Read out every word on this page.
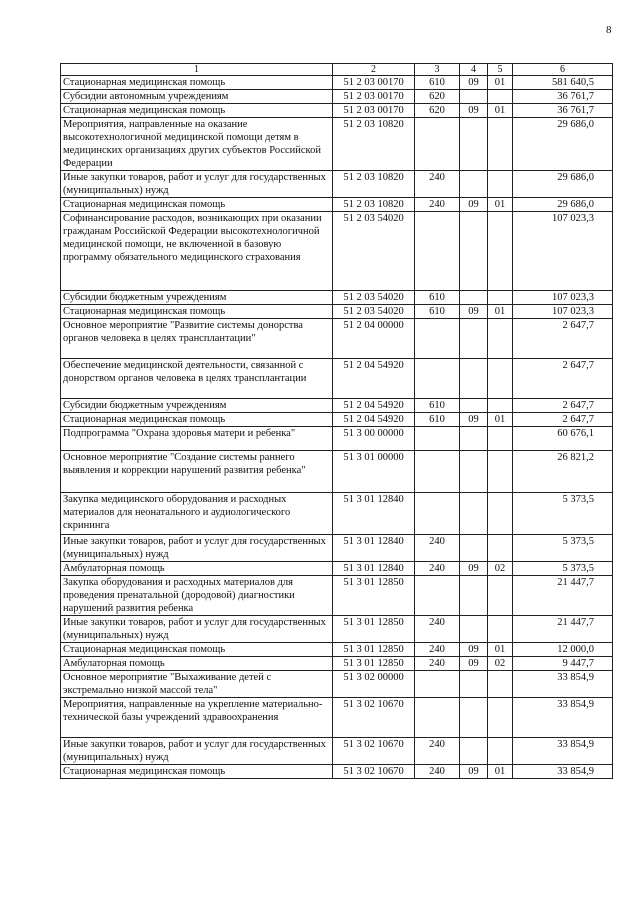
8
1	2	3	4	5	6
Стационарная медицинская помощь	51 2 03 00170	610	09	01	581 640,5
Субсидии автономным учреждениям	51 2 03 00170	620			36 761,7
Стационарная медицинская помощь	51 2 03 00170	620	09	01	36 761,7
Мероприятия, направленные на оказание высокотехнологичной медицинской помощи детям в медицинских организациях других субъектов Российской Федерации	51 2 03 10820				29 686,0
Иные закупки товаров, работ и услуг для государственных (муниципальных) нужд	51 2 03 10820	240			29 686,0
Стационарная медицинская помощь	51 2 03 10820	240	09	01	29 686,0
Софинансирование расходов, возникающих при оказании гражданам Российской Федерации высокотехнологичной медицинской помощи, не включенной в базовую программу обязательного медицинского страхования	51 2 03 54020				107 023,3
Субсидии бюджетным учреждениям	51 2 03 54020	610			107 023,3
Стационарная медицинская помощь	51 2 03 54020	610	09	01	107 023,3
Основное мероприятие "Развитие системы донорства органов человека в целях трансплантации"	51 2 04 00000				2 647,7
Обеспечение медицинской деятельности, связанной с донорством органов человека в целях трансплантации	51 2 04 54920				2 647,7
Субсидии бюджетным учреждениям	51 2 04 54920	610			2 647,7
Стационарная медицинская помощь	51 2 04 54920	610	09	01	2 647,7
Подпрограмма "Охрана здоровья матери и ребенка"	51 3 00 00000				60 676,1
Основное мероприятие "Создание системы раннего выявления и коррекции нарушений развития ребенка"	51 3 01 00000				26 821,2
Закупка медицинского оборудования и расходных материалов для неонатального и аудиологического скрининга	51 3 01 12840				5 373,5
Иные закупки товаров, работ и услуг для государственных (муниципальных) нужд	51 3 01 12840	240			5 373,5
Амбулаторная помощь	51 3 01 12840	240	09	02	5 373,5
Закупка оборудования и расходных материалов для проведения пренатальной (дородовой) диагностики нарушений развития ребенка	51 3 01 12850				21 447,7
Иные закупки товаров, работ и услуг для государственных (муниципальных) нужд	51 3 01 12850	240			21 447,7
Стационарная медицинская помощь	51 3 01 12850	240	09	01	12 000,0
Амбулаторная помощь	51 3 01 12850	240	09	02	9 447,7
Основное мероприятие "Выхаживание детей с экстремально низкой массой тела"	51 3 02 00000				33 854,9
Мероприятия, направленные на укрепление материально-технической базы учреждений здравоохранения	51 3 02 10670				33 854,9
Иные закупки товаров, работ и услуг для государственных (муниципальных) нужд	51 3 02 10670	240			33 854,9
Стационарная медицинская помощь	51 3 02 10670	240	09	01	33 854,9
